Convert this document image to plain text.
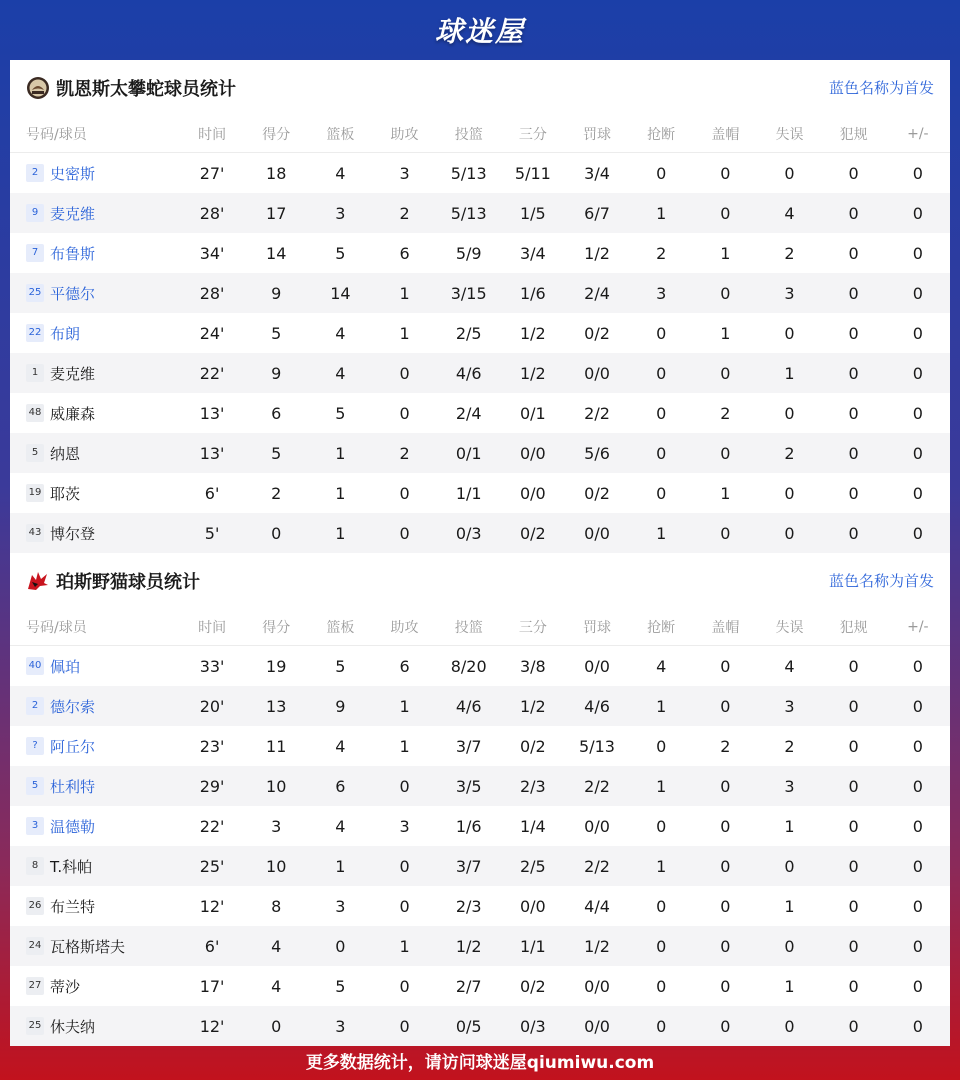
球迷屋
凯恩斯太攀蛇球员统计	蓝色名称为首发
号码/球员	时间	得分	篮板	助攻	投篮	三分	罚球	抢断	盖帽	失误	犯规	+/-
2 史密斯	27'	18	4	3	5/13	5/11	3/4	0	0	0	0	0
9 麦克维	28'	17	3	2	5/13	1/5	6/7	1	0	4	0	0
7 布鲁斯	34'	14	5	6	5/9	3/4	1/2	2	1	2	0	0
25 平德尔	28'	9	14	1	3/15	1/6	2/4	3	0	3	0	0
22 布朗	24'	5	4	1	2/5	1/2	0/2	0	1	0	0	0
1 麦克维	22'	9	4	0	4/6	1/2	0/0	0	0	1	0	0
48 威廉森	13'	6	5	0	2/4	0/1	2/2	0	2	0	0	0
5 纳恩	13'	5	1	2	0/1	0/0	5/6	0	0	2	0	0
19 耶茨	6'	2	1	0	1/1	0/0	0/2	0	1	0	0	0
43 博尔登	5'	0	1	0	0/3	0/2	0/0	1	0	0	0	0
珀斯野猫球员统计	蓝色名称为首发
号码/球员	时间	得分	篮板	助攻	投篮	三分	罚球	抢断	盖帽	失误	犯规	+/-
40 佩珀	33'	19	5	6	8/20	3/8	0/0	4	0	4	0	0
2 德尔索	20'	13	9	1	4/6	1/2	4/6	1	0	3	0	0
? 阿丘尔	23'	11	4	1	3/7	0/2	5/13	0	2	2	0	0
5 杜利特	29'	10	6	0	3/5	2/3	2/2	1	0	3	0	0
3 温德勒	22'	3	4	3	1/6	1/4	0/0	0	0	1	0	0
8 T.科帕	25'	10	1	0	3/7	2/5	2/2	1	0	0	0	0
26 布兰特	12'	8	3	0	2/3	0/0	4/4	0	0	1	0	0
24 瓦格斯塔夫	6'	4	0	1	1/2	1/1	1/2	0	0	0	0	0
27 蒂沙	17'	4	5	0	2/7	0/2	0/0	0	0	1	0	0
25 休夫纳	12'	0	3	0	0/5	0/3	0/0	0	0	0	0	0
更多数据统计，请访问球迷屋qiumiwu.com
